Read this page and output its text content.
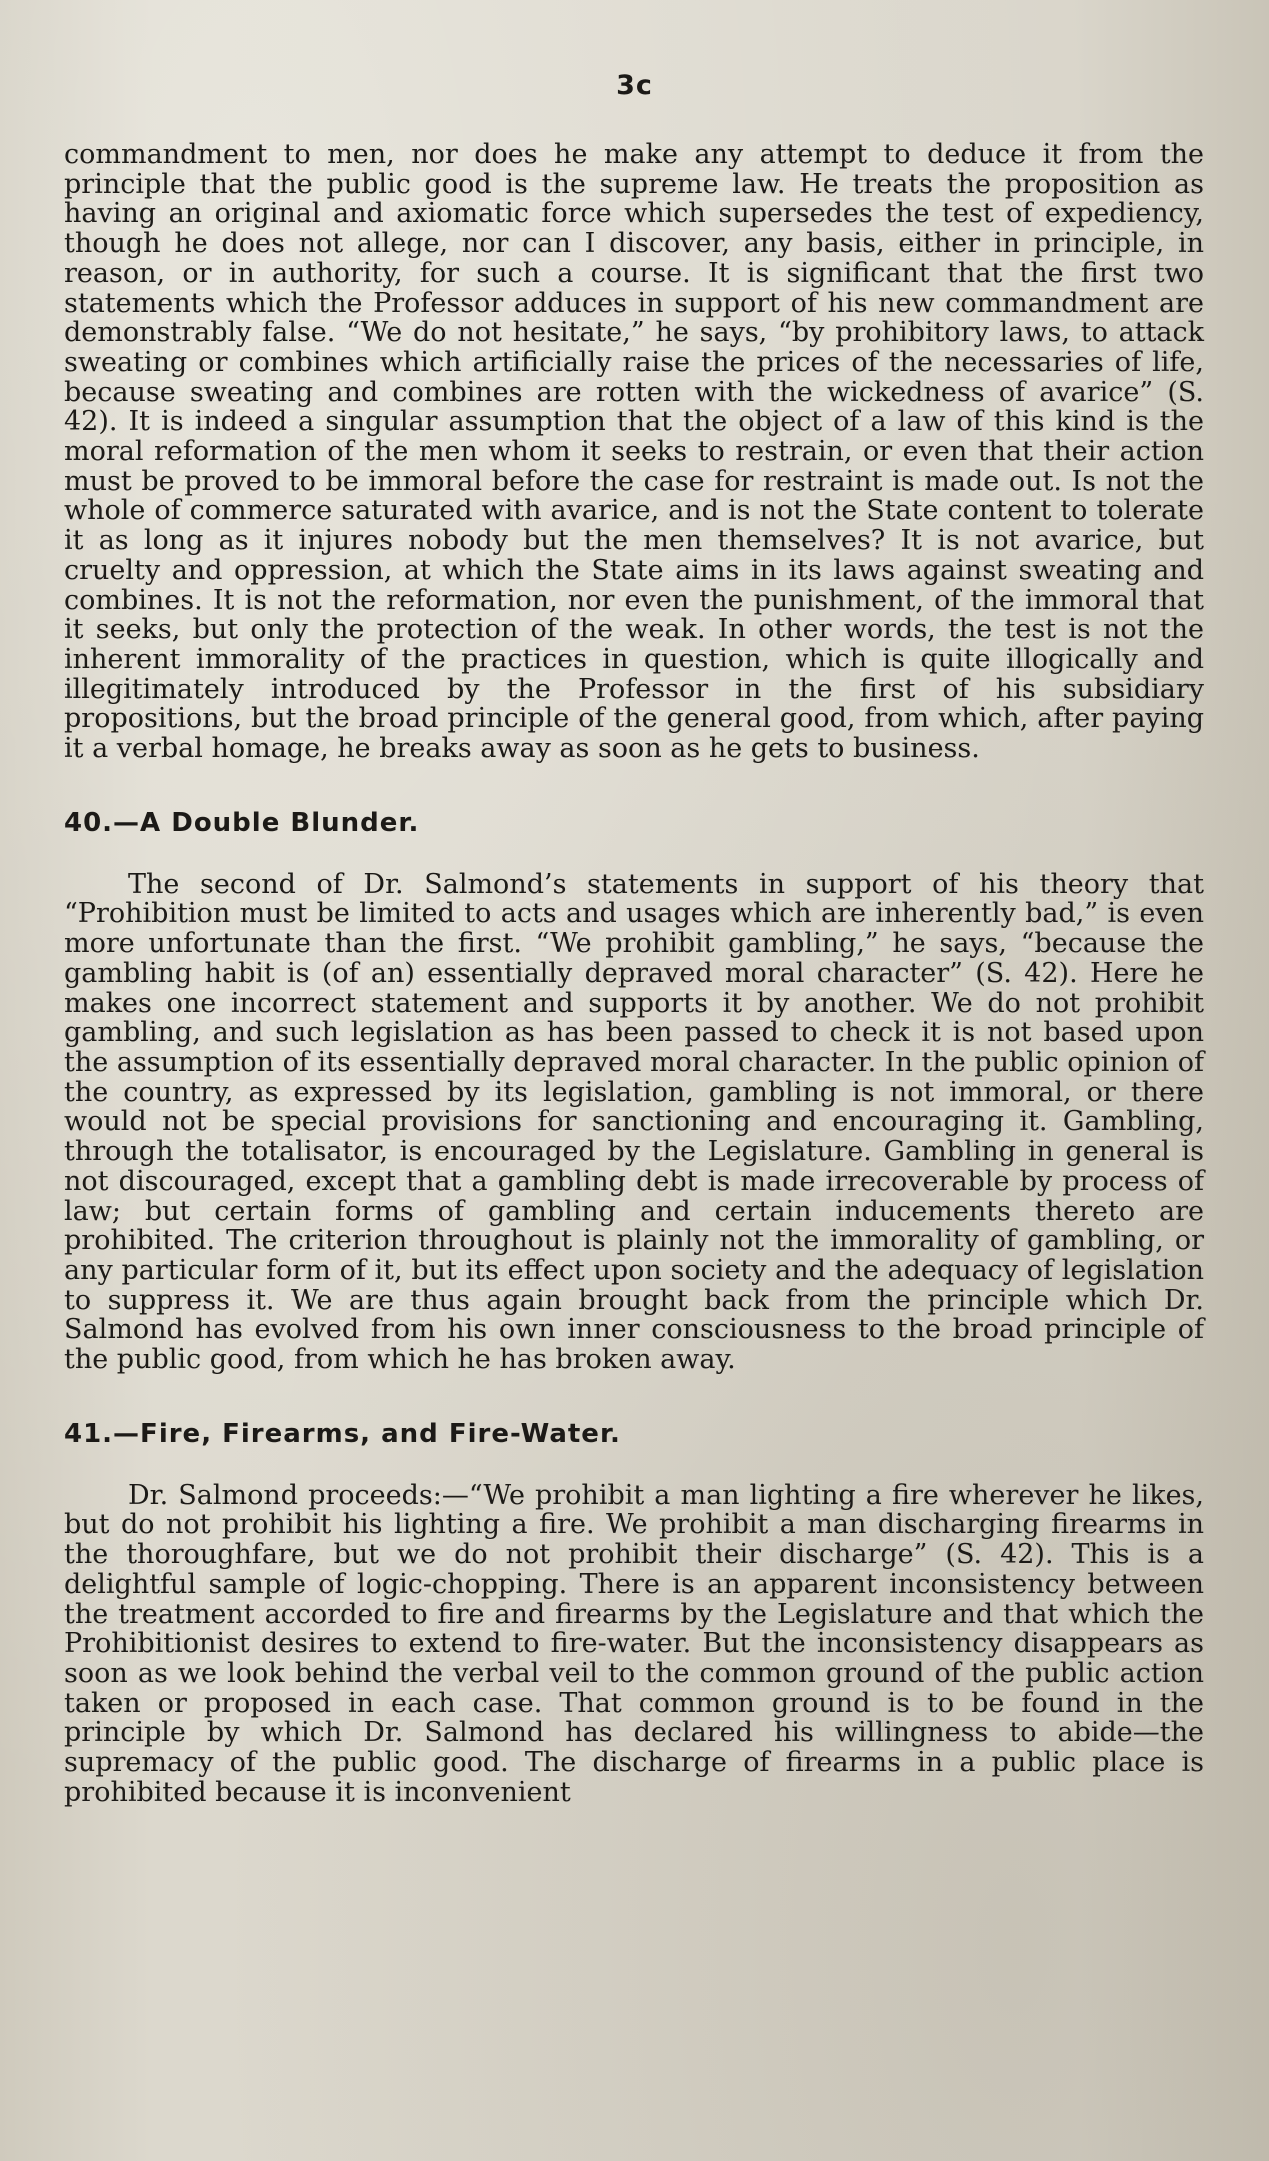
3c

commandment to men, nor does he make any attempt to deduce it from the principle that the public good is the supreme law. He treats the proposition as having an original and axiomatic force which supersedes the test of expediency, though he does not allege, nor can I discover, any basis, either in principle, in reason, or in authority, for such a course. It is significant that the first two statements which the Professor adduces in support of his new commandment are demonstrably false. “We do not hesitate,” he says, “by prohibitory laws, to attack sweating or combines which artificially raise the prices of the necessaries of life, because sweating and combines are rotten with the wickedness of avarice” (S. 42). It is indeed a singular assumption that the object of a law of this kind is the moral reformation of the men whom it seeks to restrain, or even that their action must be proved to be immoral before the case for restraint is made out. Is not the whole of commerce saturated with avarice, and is not the State content to tolerate it as long as it injures nobody but the men themselves? It is not avarice, but cruelty and oppression, at which the State aims in its laws against sweating and combines. It is not the reformation, nor even the punishment, of the immoral that it seeks, but only the protection of the weak. In other words, the test is not the inherent immorality of the practices in question, which is quite illogically and illegitimately introduced by the Professor in the first of his subsidiary propositions, but the broad principle of the general good, from which, after paying it a verbal homage, he breaks away as soon as he gets to business.

40.—A Double Blunder.

The second of Dr. Salmond’s statements in support of his theory that “Prohibition must be limited to acts and usages which are inherently bad,” is even more unfortunate than the first. “We prohibit gambling,” he says, “because the gambling habit is (of an) essentially depraved moral character” (S. 42). Here he makes one incorrect statement and supports it by another. We do not prohibit gambling, and such legislation as has been passed to check it is not based upon the assumption of its essentially depraved moral character. In the public opinion of the country, as expressed by its legislation, gambling is not immoral, or there would not be special provisions for sanctioning and encouraging it. Gambling, through the totalisator, is encouraged by the Legislature. Gambling in general is not discouraged, except that a gambling debt is made irrecoverable by process of law; but certain forms of gambling and certain inducements thereto are prohibited. The criterion throughout is plainly not the immorality of gambling, or any particular form of it, but its effect upon society and the adequacy of legislation to suppress it. We are thus again brought back from the principle which Dr. Salmond has evolved from his own inner consciousness to the broad principle of the public good, from which he has broken away.

41.—Fire, Firearms, and Fire-Water.

Dr. Salmond proceeds:—“We prohibit a man lighting a fire wherever he likes, but do not prohibit his lighting a fire. We prohibit a man discharging firearms in the thoroughfare, but we do not prohibit their discharge” (S. 42). This is a delightful sample of logic-chopping. There is an apparent inconsistency between the treatment accorded to fire and firearms by the Legislature and that which the Prohibitionist desires to extend to fire-water. But the inconsistency disappears as soon as we look behind the verbal veil to the common ground of the public action taken or proposed in each case. That common ground is to be found in the principle by which Dr. Salmond has declared his willingness to abide—the supremacy of the public good. The discharge of firearms in a public place is prohibited because it is inconvenient
